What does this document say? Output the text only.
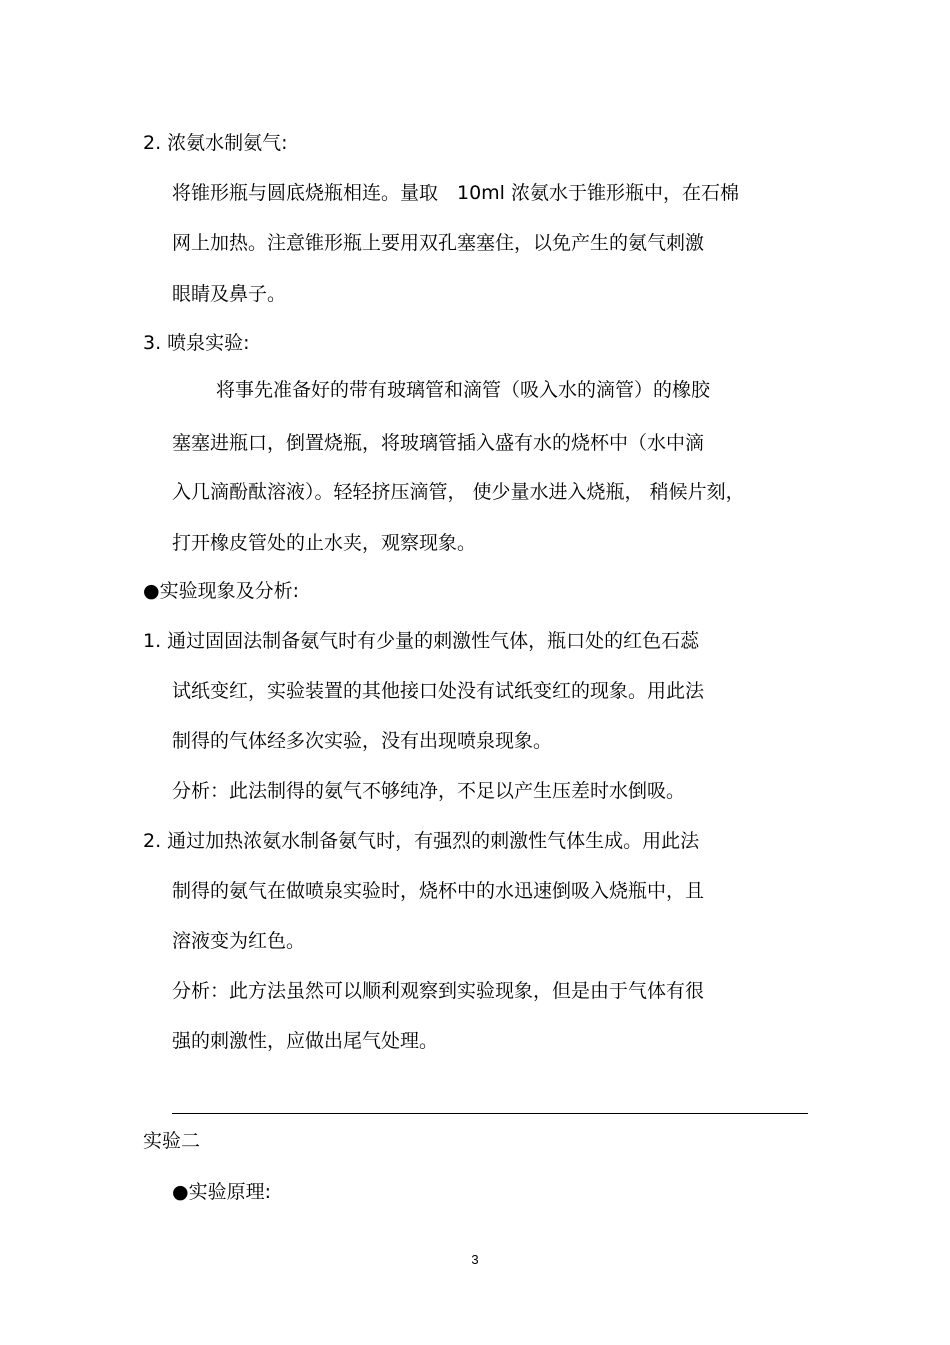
2. 浓氨水制氨气:
将锥形瓶与圆底烧瓶相连。量取　10ml 浓氨水于锥形瓶中，在石棉
网上加热。注意锥形瓶上要用双孔塞塞住，以免产生的氨气刺激
眼睛及鼻子。
3. 喷泉实验:
将事先准备好的带有玻璃管和滴管（吸入水的滴管）的橡胶
塞塞进瓶口，倒置烧瓶，将玻璃管插入盛有水的烧杯中（水中滴
入几滴酚酞溶液）。轻轻挤压滴管， 使少量水进入烧瓶， 稍候片刻，
打开橡皮管处的止水夹，观察现象。
●实验现象及分析:
1. 通过固固法制备氨气时有少量的刺激性气体，瓶口处的红色石蕊
试纸变红，实验装置的其他接口处没有试纸变红的现象。用此法
制得的气体经多次实验，没有出现喷泉现象。
分析：此法制得的氨气不够纯净，不足以产生压差时水倒吸。
2. 通过加热浓氨水制备氨气时，有强烈的刺激性气体生成。用此法
制得的氨气在做喷泉实验时，烧杯中的水迅速倒吸入烧瓶中，且
溶液变为红色。
分析：此方法虽然可以顺利观察到实验现象，但是由于气体有很
强的刺激性，应做出尾气处理。
实验二
●实验原理:
3
